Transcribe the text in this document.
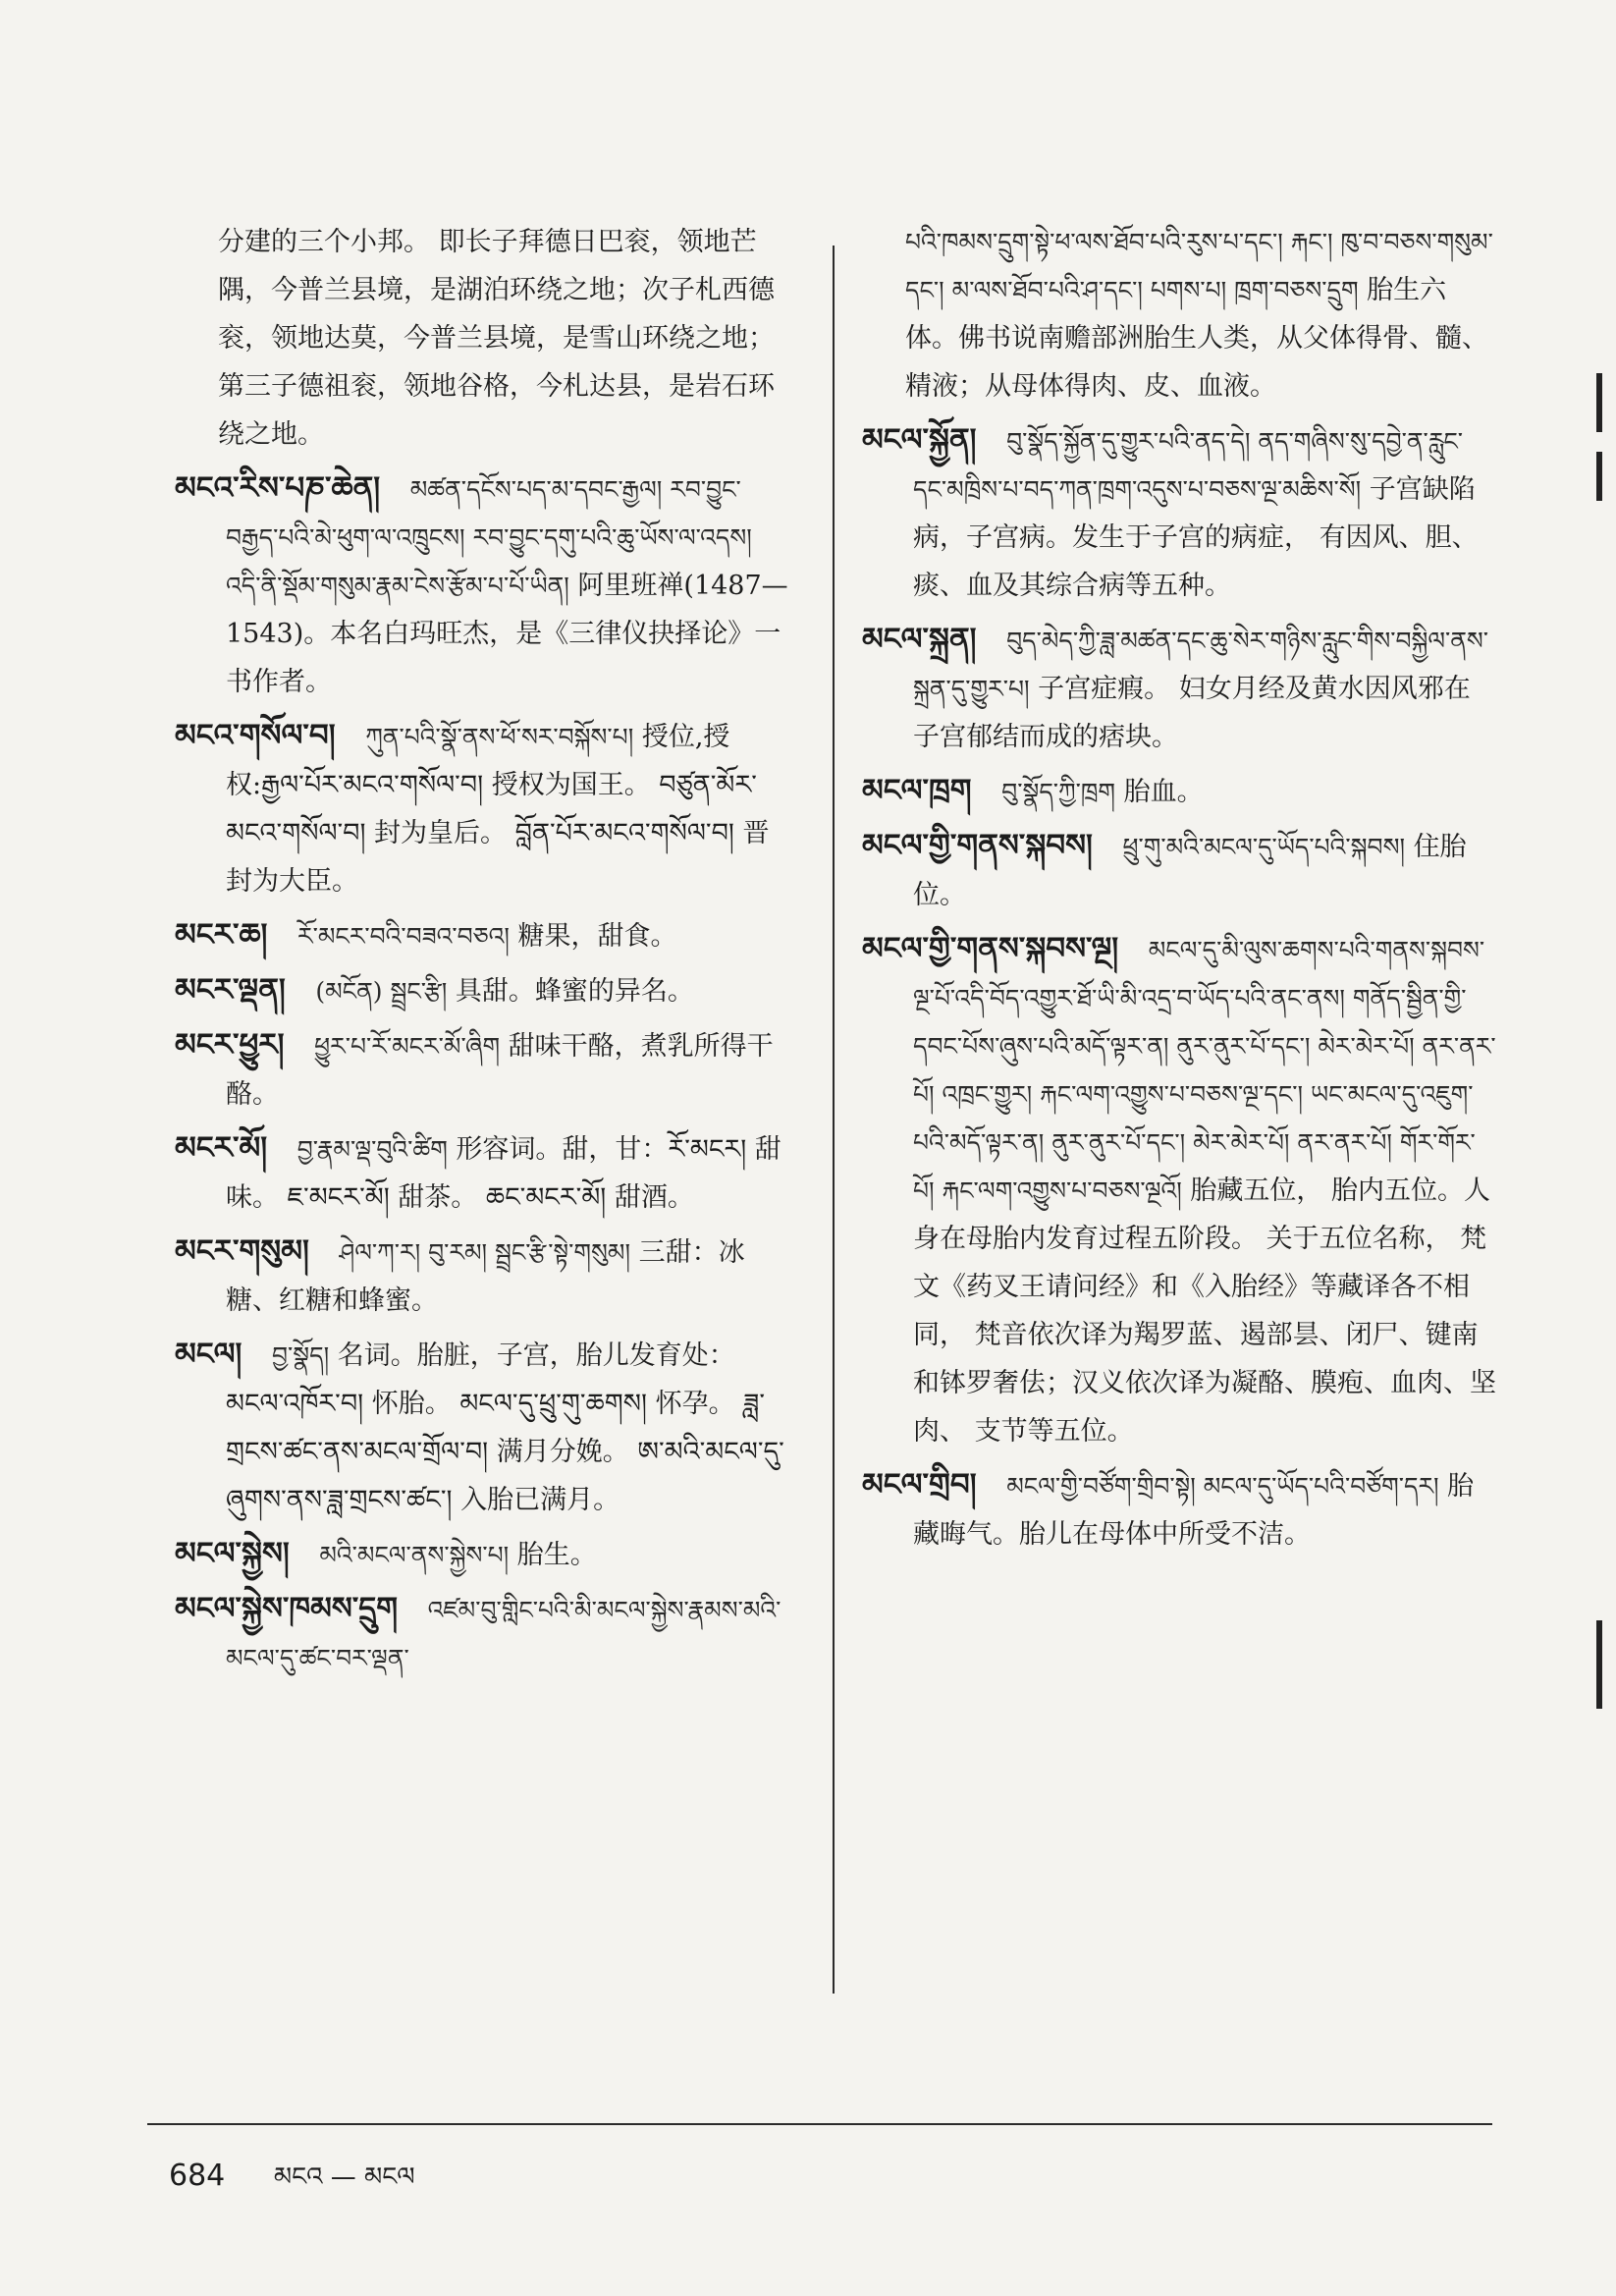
分建的三个小邦。 即长子拜德日巴衮，领地芒隅，今普兰县境，是湖泊环绕之地；次子札西德衮，领地达莫，今普兰县境，是雪山环绕之地；第三子德祖衮，领地谷格，今札达县，是岩石环绕之地。
མངའ་རིས་པཎ་ཆེན། མཚན་དངོས་པད་མ་དབང་རྒྱལ། རབ་བྱུང་བརྒྱད་པའི་མེ་ཕུག་ལ་འཁྲུངས། རབ་བྱུང་དགུ་པའི་ཆུ་ཡོས་ལ་འདས། འདི་ནི་སྡོམ་གསུམ་རྣམ་ངེས་རྩོམ་པ་པོ་ཡིན། 阿里班禅(1487—1543)。本名白玛旺杰，是《三律仪抉择论》一书作者。
མངའ་གསོལ་བ། ཀུན་པའི་སྣོ་ནས་ཕོ་སར་བསྐོས་པ། 授位,授权:རྒྱལ་པོར་མངའ་གསོལ་བ། 授权为国王。 བཙུན་མོར་མངའ་གསོལ་བ། 封为皇后。 བློན་པོར་མངའ་གསོལ་བ། 晋封为大臣。
མངར་ཆ། རོ་མངར་བའི་བཟའ་བཅའ། 糖果，甜食。
མངར་ལྡན། (མངོན) སྦྲང་རྩི། 具甜。蜂蜜的异名。
མངར་ཕྱུར། ཕྱུར་པ་རོ་མངར་མོ་ཞིག 甜味干酪，煮乳所得干酪。
མངར་མོ། བྱ་རྣམ་ལྡ་བུའི་ཚིག 形容词。甜，甘：རོ་མངར། 甜味。 ཇ་མངར་མོ། 甜茶。 ཆང་མངར་མོ། 甜酒。
མངར་གསུམ། ཤེལ་ཀ་ར། བུ་རམ། སྦྲང་རྩི་སྟེ་གསུམ། 三甜：冰糖、红糖和蜂蜜。
མངལ། བྱ་སྣོད། 名词。胎脏，子宫，胎儿发育处：མངལ་འཁོར་བ། 怀胎。 མངལ་དུ་ཕྲུ་གུ་ཆགས། 怀孕。 ཟླ་གྲངས་ཚང་ནས་མངལ་གྲོལ་བ། 满月分娩。 ཨ་མའི་མངལ་དུ་ཞུགས་ནས་ཟླ་གྲངས་ཚང་། 入胎已满月。
མངལ་སྐྱེས། མའི་མངལ་ནས་སྐྱེས་པ། 胎生。
མངལ་སྐྱེས་ཁམས་དྲུག འཛམ་བུ་གླིང་པའི་མི་མངལ་སྐྱེས་རྣམས་མའི་མངལ་དུ་ཚང་བར་ལྡན་
པའི་ཁམས་དྲུག་སྟེ་ཕ་ལས་ཐོབ་པའི་རུས་པ་དང་། རྐང་། ཁུ་བ་བཅས་གསུམ་དང་། མ་ལས་ཐོབ་པའི་ཤ་དང་། པགས་པ། ཁྲག་བཅས་དྲུག 胎生六体。佛书说南赡部洲胎生人类，从父体得骨、髓、精液；从母体得肉、皮、血液。
མངལ་སྐྱོན། བུ་སྣོད་སྐྱོན་དུ་གྱུར་པའི་ནད་དེ། ནད་གཞིས་སུ་དབྱེ་ན་རླུང་དང་མཁྲིས་པ་བད་ཀན་ཁྲག་འདུས་པ་བཅས་ལྔ་མཆིས་སོ། 子宫缺陷病，子宫病。发生于子宫的病症， 有因风、胆、痰、血及其综合病等五种。
མངལ་སྐྲན། བུད་མེད་ཀྱི་ཟླ་མཚན་དང་ཆུ་སེར་གཉིས་རླུང་གིས་བསྐྱིལ་ནས་སྐྲན་དུ་གྱུར་པ། 子宫症瘕。 妇女月经及黄水因风邪在子宫郁结而成的痞块。
མངལ་ཁྲག བུ་སྣོད་ཀྱི་ཁྲག 胎血。
མངལ་གྱི་གནས་སྐབས། ཕྲུ་གུ་མའི་མངལ་དུ་ཡོད་པའི་སྐབས། 住胎位。
མངལ་གྱི་གནས་སྐབས་ལྔ། མངལ་དུ་མི་ལུས་ཆགས་པའི་གནས་སྐབས་ལྔ་པོ་འདི་བོད་འགྱུར་ཐོ་ཡི་མི་འདྲ་བ་ཡོད་པའི་ནང་ནས། གནོད་སྦྱིན་གྱི་དབང་པོས་ཞུས་པའི་མདོ་ལྟར་ན། ནུར་ནུར་པོ་དང་། མེར་མེར་པོ། ནར་ནར་པོ། འཁྲང་གྱུར། རྐང་ལག་འགྱུས་པ་བཅས་ལྔ་དང་། ཡང་མངལ་དུ་འཇུག་པའི་མདོ་ལྟར་ན། ནུར་ནུར་པོ་དང་། མེར་མེར་པོ། ནར་ནར་པོ། གོར་གོར་པོ། རྐང་ལག་འགྱུས་པ་བཅས་ལྔའོ། 胎藏五位， 胎内五位。人身在母胎内发育过程五阶段。 关于五位名称， 梵文《药叉王请问经》和《入胎经》等藏译各不相同， 梵音依次译为羯罗蓝、遏部昙、闭尸、键南和钵罗奢佉；汉义依次译为凝酪、膜疱、血肉、坚肉、 支节等五位。
མངལ་གྲིབ། མངལ་གྱི་བཙོག་གྲིབ་སྟེ། མངལ་དུ་ཡོད་པའི་བཙོག་དར། 胎藏晦气。胎儿在母体中所受不洁。
684 མངའ — མངལ
